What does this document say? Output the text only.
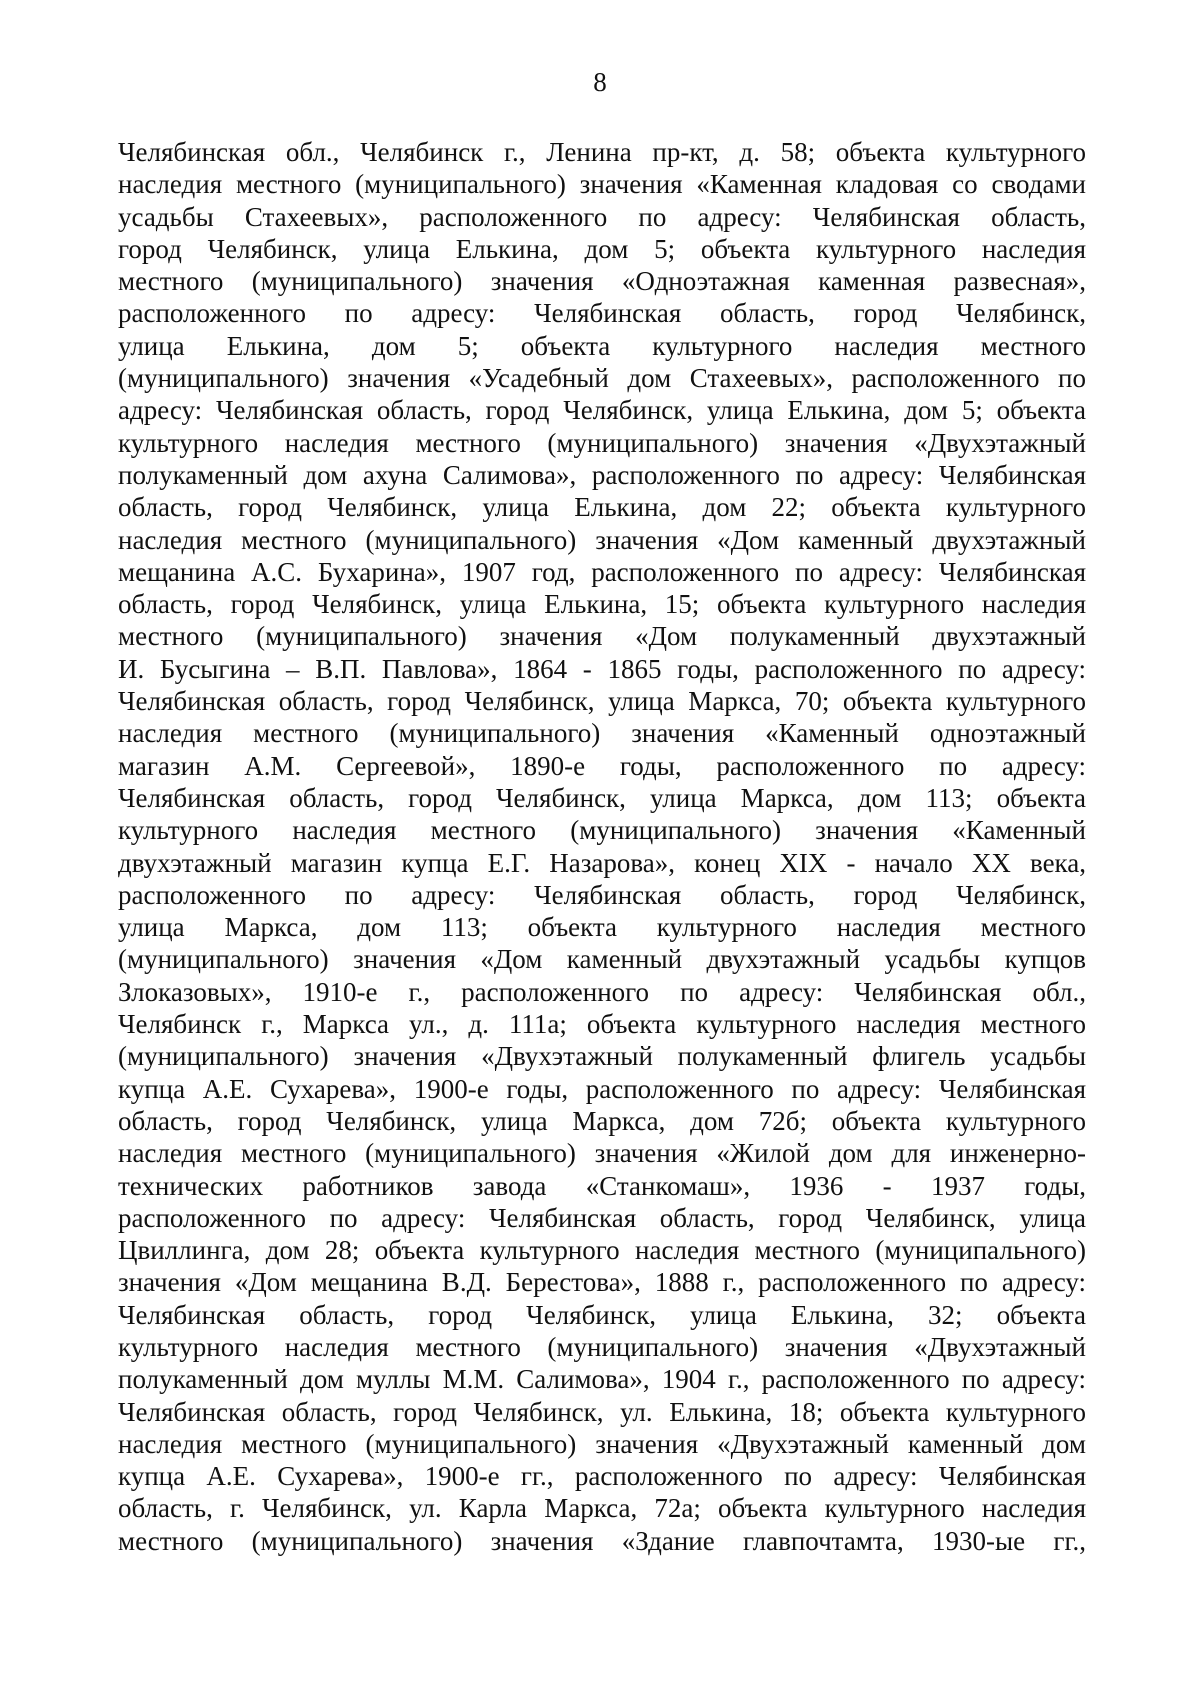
8
Челябинская обл., Челябинск г., Ленина пр-кт, д. 58; объекта культурного
наследия местного (муниципального) значения «Каменная кладовая со сводами
усадьбы Стахеевых», расположенного по адресу: Челябинская область,
город Челябинск, улица Елькина, дом 5; объекта культурного наследия
местного (муниципального) значения «Одноэтажная каменная развесная»,
расположенного по адресу: Челябинская область, город Челябинск,
улица Елькина, дом 5; объекта культурного наследия местного
(муниципального) значения «Усадебный дом Стахеевых», расположенного по
адресу: Челябинская область, город Челябинск, улица Елькина, дом 5; объекта
культурного наследия местного (муниципального) значения «Двухэтажный
полукаменный дом ахуна Салимова», расположенного по адресу: Челябинская
область, город Челябинск, улица Елькина, дом 22; объекта культурного
наследия местного (муниципального) значения «Дом каменный двухэтажный
мещанина А.С. Бухарина», 1907 год, расположенного по адресу: Челябинская
область, город Челябинск, улица Елькина, 15; объекта культурного наследия
местного (муниципального) значения «Дом полукаменный двухэтажный
И. Бусыгина – В.П. Павлова», 1864 - 1865 годы, расположенного по адресу:
Челябинская область, город Челябинск, улица Маркса, 70; объекта культурного
наследия местного (муниципального) значения «Каменный одноэтажный
магазин А.М. Сергеевой», 1890-е годы, расположенного по адресу:
Челябинская область, город Челябинск, улица Маркса, дом 113; объекта
культурного наследия местного (муниципального) значения «Каменный
двухэтажный магазин купца Е.Г. Назарова», конец XIX - начало XX века,
расположенного по адресу: Челябинская область, город Челябинск,
улица Маркса, дом 113; объекта культурного наследия местного
(муниципального) значения «Дом каменный двухэтажный усадьбы купцов
Злоказовых», 1910-е г., расположенного по адресу: Челябинская обл.,
Челябинск г., Маркса ул., д. 111а; объекта культурного наследия местного
(муниципального) значения «Двухэтажный полукаменный флигель усадьбы
купца А.Е. Сухарева», 1900-е годы, расположенного по адресу: Челябинская
область, город Челябинск, улица Маркса, дом 72б; объекта культурного
наследия местного (муниципального) значения «Жилой дом для инженерно-
технических работников завода «Станкомаш», 1936 - 1937 годы,
расположенного по адресу: Челябинская область, город Челябинск, улица
Цвиллинга, дом 28; объекта культурного наследия местного (муниципального)
значения «Дом мещанина В.Д. Берестова», 1888 г., расположенного по адресу:
Челябинская область, город Челябинск, улица Елькина, 32; объекта
культурного наследия местного (муниципального) значения «Двухэтажный
полукаменный дом муллы М.М. Салимова», 1904 г., расположенного по адресу:
Челябинская область, город Челябинск, ул. Елькина, 18; объекта культурного
наследия местного (муниципального) значения «Двухэтажный каменный дом
купца А.Е. Сухарева», 1900-е гг., расположенного по адресу: Челябинская
область, г. Челябинск, ул. Карла Маркса, 72а; объекта культурного наследия
местного (муниципального) значения «Здание главпочтамта, 1930-ые гг.,
